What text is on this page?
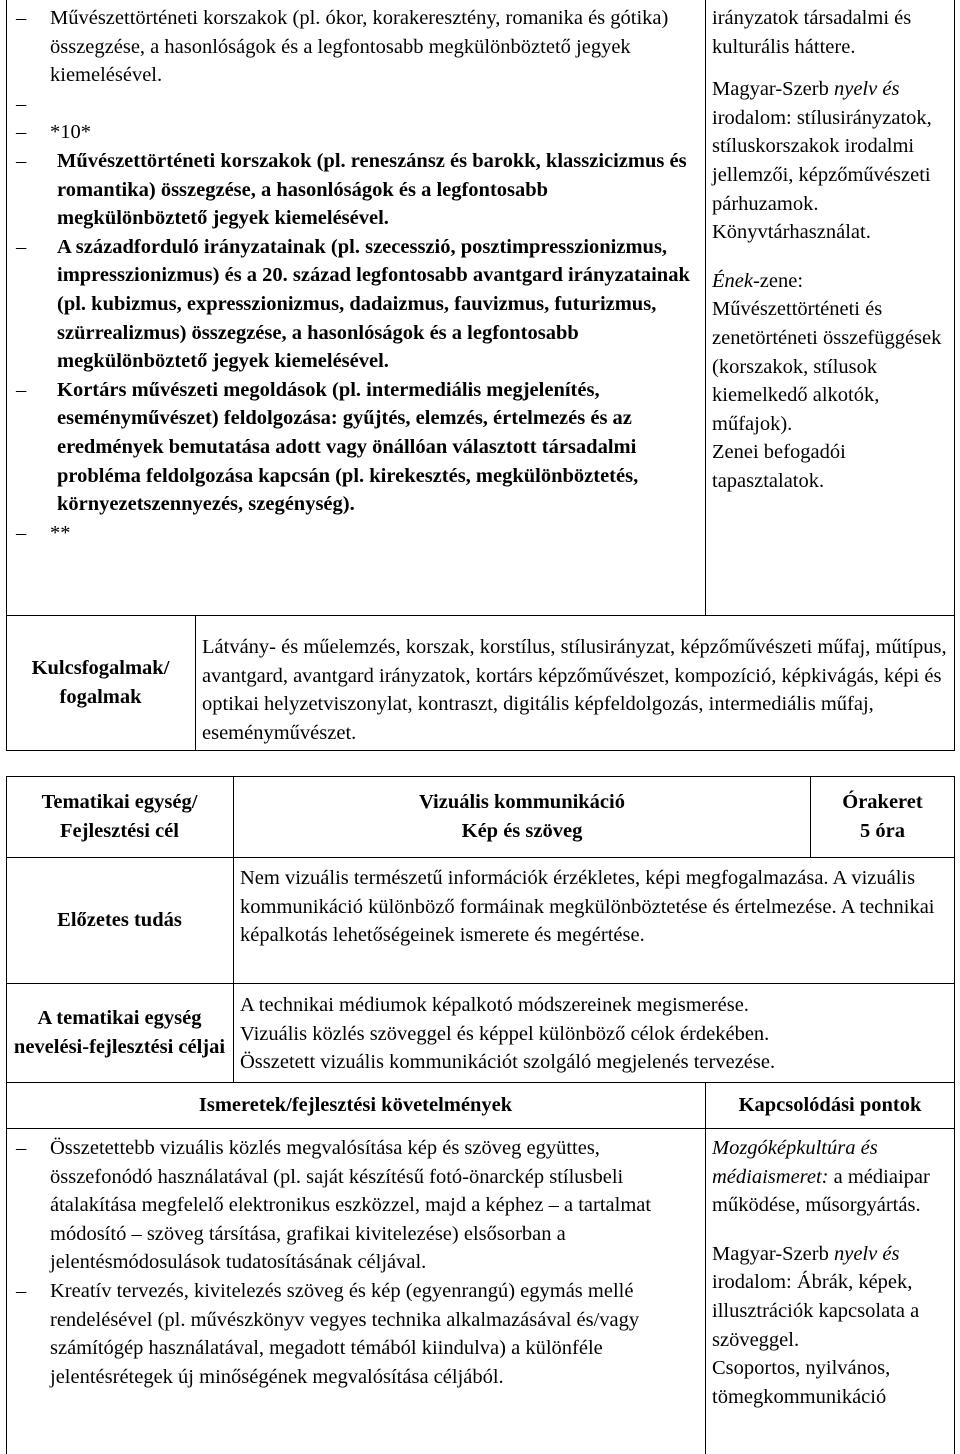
– Művészettörténeti korszakok (pl. ókor, korakeresztény, romanika és gótika) összegzése, a hasonlóságok és a legfontosabb megkülönböztető jegyek kiemelésével.
–
– *10*
– Művészettörténeti korszakok (pl. reneszánsz és barokk, klasszicizmus és romantika) összegzése, a hasonlóságok és a legfontosabb megkülönböztető jegyek kiemelésével.
– A századforduló irányzatainak (pl. szecesszió, posztimpresszionizmus, impresszionizmus) és a 20. század legfontosabb avantgard irányzatainak (pl. kubizmus, expresszionizmus, dadaizmus, fauvizmus, futurizmus, szürrealizmus) összegzése, a hasonlóságok és a legfontosabb megkülönböztető jegyek kiemelésével.
– Kortárs művészeti megoldások (pl. intermediális megjelenítés, eseményművészet) feldolgozása: gyűjtés, elemzés, értelmezés és az eredmények bemutatása adott vagy önállóan választott társadalmi probléma feldolgozása kapcsán (pl. kirekesztés, megkülönböztetés, környezetszennyezés, szegénység).
– **

irányzatok társadalmi és kulturális háttere.

Magyar-Szerb nyelv és irodalom: stílusirányzatok, stíluskorszakok irodalmi jellemzői, képzőművészeti párhuzamok. Könyvtárhasználat.

Ének-zene: Művészettörténeti és zenetörténeti összefüggések (korszakok, stílusok kiemelkedő alkotók, műfajok).

Zenei befogadói tapasztalatok.

Kulcsfogalmak/ fogalmak
Látvány- és műelemzés, korszak, korstílus, stílusirányzat, képzőművészeti műfaj, műtípus, avantgard, avantgard irányzatok, kortárs képzőművészet, kompozíció, képkivágás, képi és optikai helyzetviszonylat, kontraszt, digitális képfeldolgozás, intermediális műfaj, eseményművészet.
Tematikai egység/ Fejlesztési cél
Vizuális kommunikáció
Kép és szöveg
Órakeret
5 óra
Előzetes tudás
Nem vizuális természetű információk érzékletes, képi megfogalmazása. A vizuális kommunikáció különböző formáinak megkülönböztetése és értelmezése. A technikai képalkotás lehetőségeinek ismerete és megértése.
A tematikai egység nevelési-fejlesztési céljai

A technikai médiumok képalkotó módszereinek megismerése.

Vizuális közlés szöveggel és képpel különböző célok érdekében.

Összetett vizuális kommunikációt szolgáló megjelenés tervezése.

Ismeretek/fejlesztési követelmények	Kapcsolódási pontok
– Összetettebb vizuális közlés megvalósítása kép és szöveg együttes, összefonódó használatával (pl. saját készítésű fotó-önarckép stílusbeli átalakítása megfelelő elektronikus eszközzel, majd a képhez – a tartalmat módosító – szöveg társítása, grafikai kivitelezése) elsősorban a jelentésmódosulások tudatosításának céljával.
– Kreatív tervezés, kivitelezés szöveg és kép (egyenrangú) egymás mellé rendelésével (pl. művészkönyv vegyes technika alkalmazásával és/vagy számítógép használatával, megadott témából kiindulva) a különféle jelentésrétegek új minőségének megvalósítása céljából.

Mozgóképkultúra és médiaismeret: a médiaipar működése, műsorgyártás.

Magyar-Szerb nyelv és irodalom: Ábrák, képek, illusztrációk kapcsolata a szöveggel.

Csoportos, nyilvános, tömegkommunikáció
